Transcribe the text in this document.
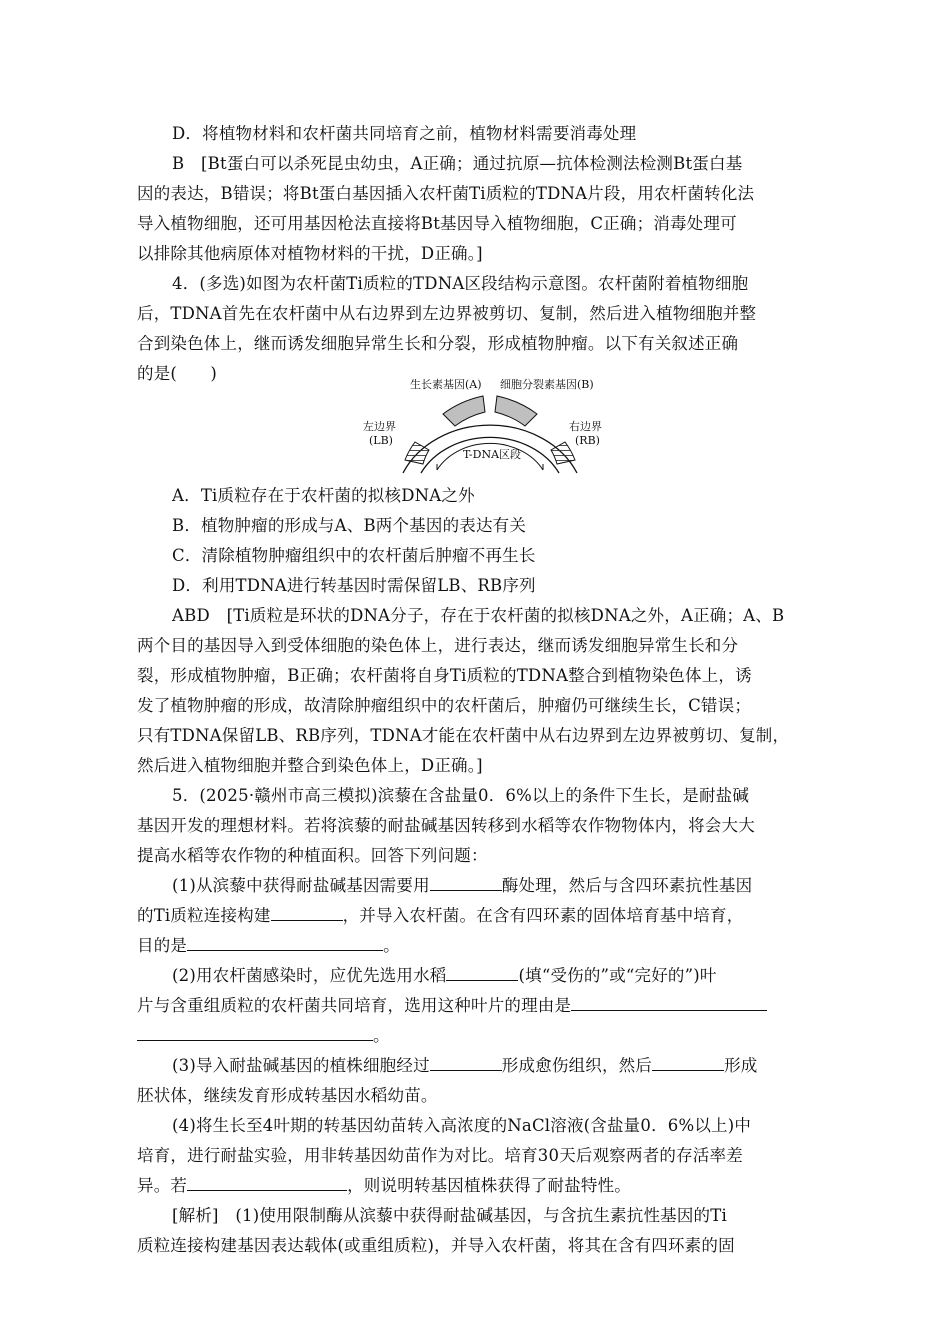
D．将植物材料和农杆菌共同培育之前，植物材料需要消毒处理
B　[Bt蛋白可以杀死昆虫幼虫，A正确；通过抗原—抗体检测法检测Bt蛋白基
因的表达，B错误；将Bt蛋白基因插入农杆菌Ti质粒的TDNA片段，用农杆菌转化法
导入植物细胞，还可用基因枪法直接将Bt基因导入植物细胞，C正确；消毒处理可
以排除其他病原体对植物材料的干扰，D正确。]
4．(多选)如图为农杆菌Ti质粒的TDNA区段结构示意图。农杆菌附着植物细胞
后，TDNA首先在农杆菌中从右边界到左边界被剪切、复制，然后进入植物细胞并整
合到染色体上，继而诱发细胞异常生长和分裂，形成植物肿瘤。以下有关叙述正确
的是(　　)
生长素基因(A) 细胞分裂素基因(B)
左边界
(LB)
右边界
(RB)
T-DNA区段
A．Ti质粒存在于农杆菌的拟核DNA之外
B．植物肿瘤的形成与A、B两个基因的表达有关
C．清除植物肿瘤组织中的农杆菌后肿瘤不再生长
D．利用TDNA进行转基因时需保留LB、RB序列
ABD　[Ti质粒是环状的DNA分子，存在于农杆菌的拟核DNA之外，A正确；A、B
两个目的基因导入到受体细胞的染色体上，进行表达，继而诱发细胞异常生长和分
裂，形成植物肿瘤，B正确；农杆菌将自身Ti质粒的TDNA整合到植物染色体上，诱
发了植物肿瘤的形成，故清除肿瘤组织中的农杆菌后，肿瘤仍可继续生长，C错误；
只有TDNA保留LB、RB序列，TDNA才能在农杆菌中从右边界到左边界被剪切、复制，
然后进入植物细胞并整合到染色体上，D正确。]
5．(2025·赣州市高三模拟)滨藜在含盐量0．6%以上的条件下生长，是耐盐碱
基因开发的理想材料。若将滨藜的耐盐碱基因转移到水稻等农作物物体内，将会大大
提高水稻等农作物的种植面积。回答下列问题：
(1)从滨藜中获得耐盐碱基因需要用	酶处理，然后与含四环素抗性基因
的Ti质粒连接构建	，并导入农杆菌。在含有四环素的固体培育基中培育，
目的是	。
(2)用农杆菌感染时，应优先选用水稻	(填“受伤的”或“完好的”)叶
片与含重组质粒的农杆菌共同培育，选用这种叶片的理由是
。
(3)导入耐盐碱基因的植株细胞经过	形成愈伤组织，然后	形成
胚状体，继续发育形成转基因水稻幼苗。
(4)将生长至4叶期的转基因幼苗转入高浓度的NaCl溶液(含盐量0．6%以上)中
培育，进行耐盐实验，用非转基因幼苗作为对比。培育30天后观察两者的存活率差
异。若	，则说明转基因植株获得了耐盐特性。
[解析]　(1)使用限制酶从滨藜中获得耐盐碱基因，与含抗生素抗性基因的Ti
质粒连接构建基因表达载体(或重组质粒)，并导入农杆菌，将其在含有四环素的固
